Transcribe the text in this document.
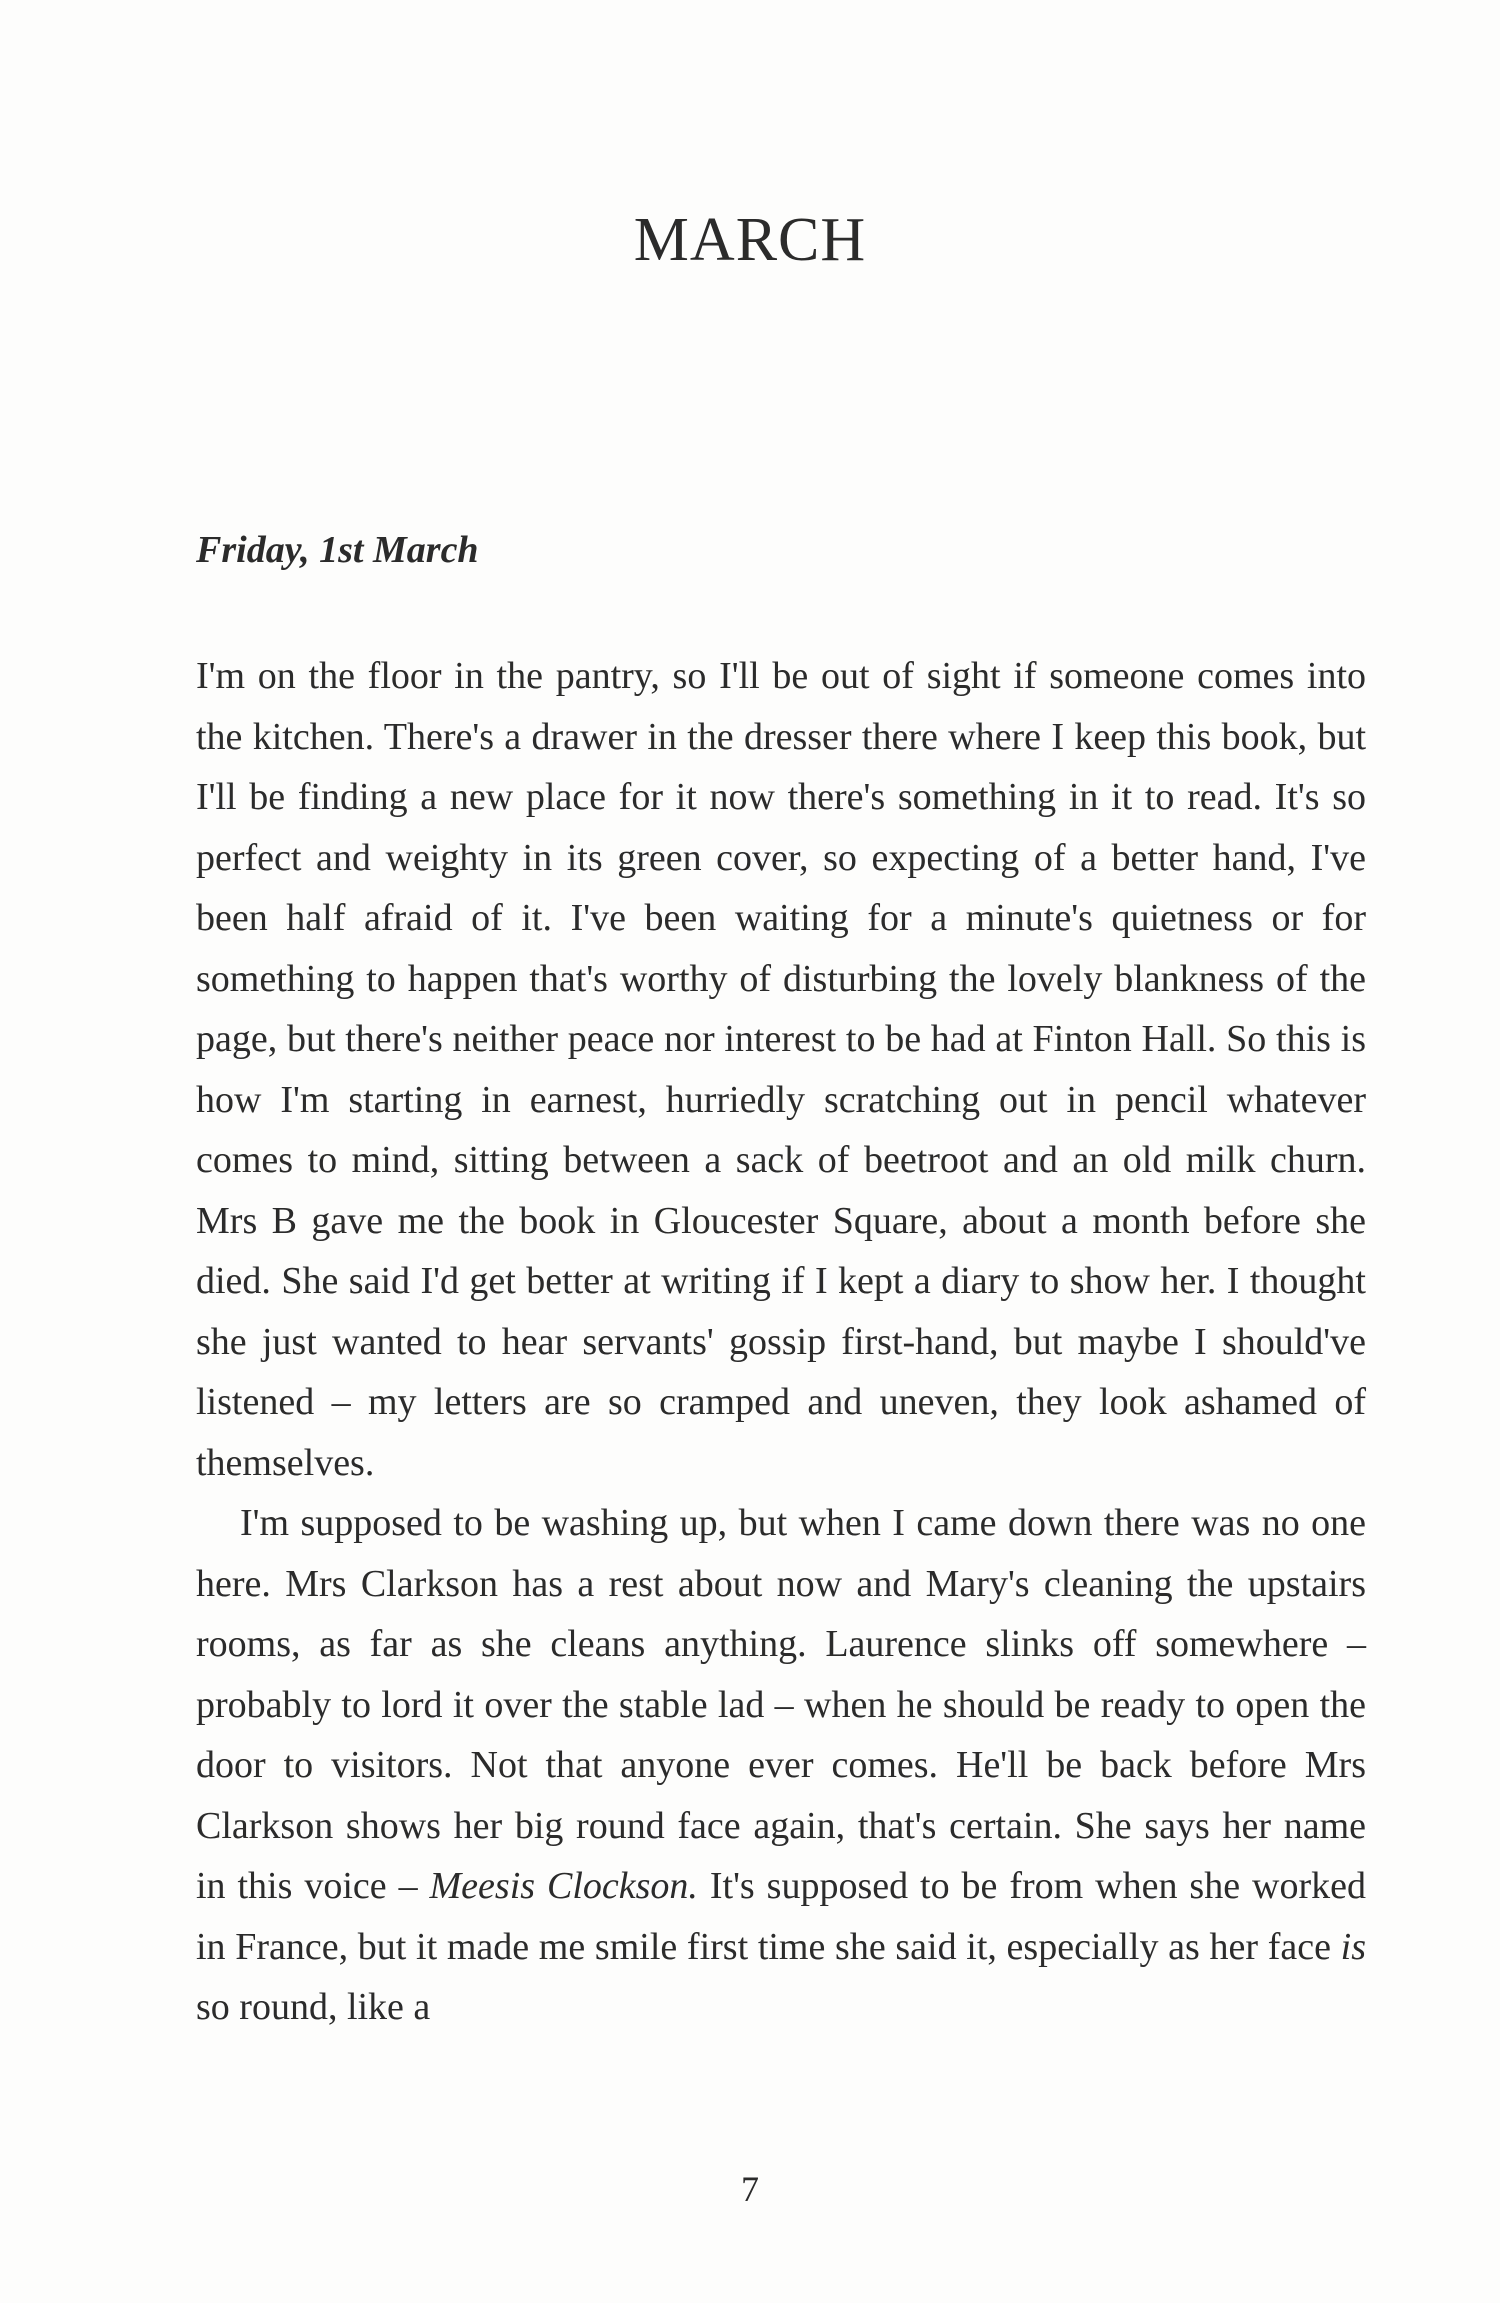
MARCH
Friday, 1st March

I'm on the floor in the pantry, so I'll be out of sight if someone comes into the kitchen. There's a drawer in the dresser there where I keep this book, but I'll be finding a new place for it now there's something in it to read. It's so perfect and weighty in its green cover, so expecting of a better hand, I've been half afraid of it. I've been waiting for a minute's quietness or for something to happen that's worthy of disturbing the lovely blankness of the page, but there's neither peace nor interest to be had at Finton Hall. So this is how I'm starting in earnest, hurriedly scratching out in pencil whatever comes to mind, sitting between a sack of beetroot and an old milk churn. Mrs B gave me the book in Gloucester Square, about a month before she died. She said I'd get better at writing if I kept a diary to show her. I thought she just wanted to hear servants' gossip first-hand, but maybe I should've listened – my letters are so cramped and uneven, they look ashamed of themselves.

I'm supposed to be washing up, but when I came down there was no one here. Mrs Clarkson has a rest about now and Mary's cleaning the upstairs rooms, as far as she cleans anything. Laurence slinks off somewhere – probably to lord it over the stable lad – when he should be ready to open the door to visitors. Not that anyone ever comes. He'll be back before Mrs Clarkson shows her big round face again, that's certain. She says her name in this voice – Meesis Clockson. It's supposed to be from when she worked in France, but it made me smile first time she said it, especially as her face is so round, like a

7
